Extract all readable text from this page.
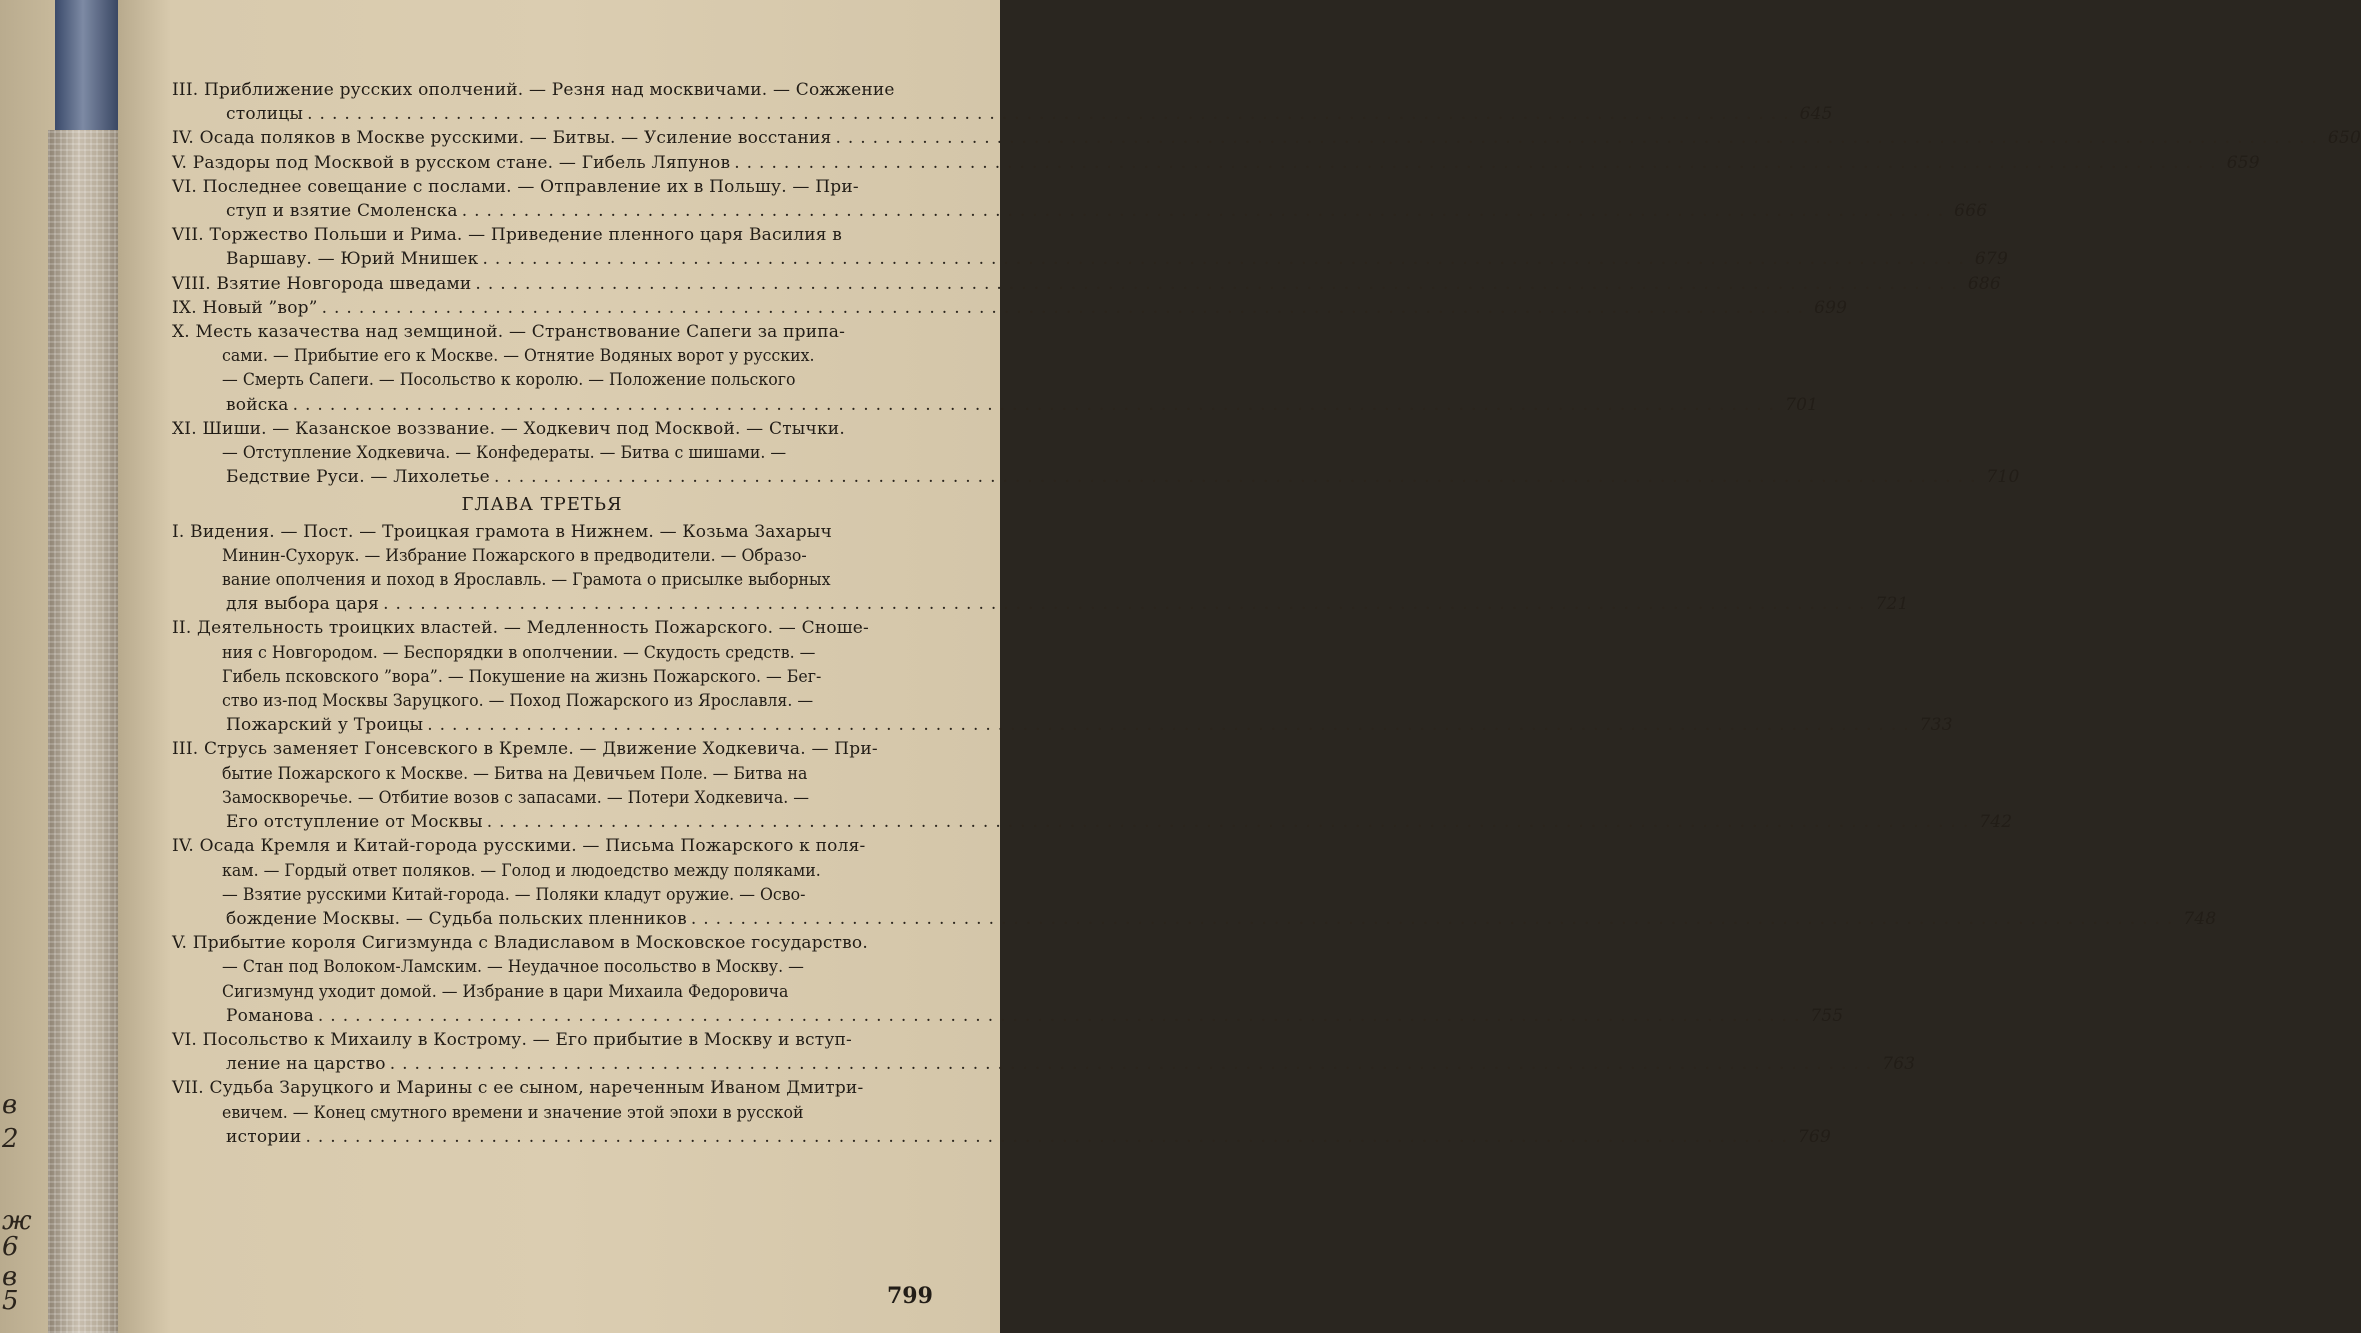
в
2
ж
6
в
5
III. Приближение русских ополчений. — Резня над москвичами. — Сожжение
столицы ........................................................................................................................ 645
IV. Осада поляков в Москве русскими. — Битвы. — Усиление восстания ........................................................................................................................ 650
V. Раздоры под Москвой в русском стане. — Гибель Ляпунов ........................................................................................................................ 659
VI. Последнее совещание с послами. — Отправление их в Польшу. — При-
ступ и взятие Смоленска ........................................................................................................................ 666
VII. Торжество Польши и Рима. — Приведение пленного царя Василия в
Варшаву. — Юрий Мнишек ........................................................................................................................ 679
VIII. Взятие Новгорода шведами ........................................................................................................................ 686
IX. Новый ”вор” ........................................................................................................................ 699
X. Месть казачества над земщиной. — Странствование Сапеги за припа-
сами. — Прибытие его к Москве. — Отнятие Водяных ворот у русских.
— Смерть Сапеги. — Посольство к королю. — Положение польского
войска ........................................................................................................................ 701
XI. Шиши. — Казанское воззвание. — Ходкевич под Москвой. — Стычки.
— Отступление Ходкевича. — Конфедераты. — Битва с шишами. —
Бедствие Руси. — Лихолетье ........................................................................................................................ 710
ГЛАВА ТРЕТЬЯ
I. Видения. — Пост. — Троицкая грамота в Нижнем. — Козьма Захарыч
Минин-Сухорук. — Избрание Пожарского в предводители. — Образо-
вание ополчения и поход в Ярославль. — Грамота о присылке выборных
для выбора царя ........................................................................................................................ 721
II. Деятельность троицких властей. — Медленность Пожарского. — Сноше-
ния с Новгородом. — Беспорядки в ополчении. — Скудость средств. —
Гибель псковского ”вора”. — Покушение на жизнь Пожарского. — Бег-
ство из-под Москвы Заруцкого. — Поход Пожарского из Ярославля. —
Пожарский у Троицы ........................................................................................................................ 733
III. Струсь заменяет Гонсевского в Кремле. — Движение Ходкевича. — При-
бытие Пожарского к Москве. — Битва на Девичьем Поле. — Битва на
Замоскворечье. — Отбитие возов с запасами. — Потери Ходкевича. —
Его отступление от Москвы ........................................................................................................................ 742
IV. Осада Кремля и Китай-города русскими. — Письма Пожарского к поля-
кам. — Гордый ответ поляков. — Голод и людоедство между поляками.
— Взятие русскими Китай-города. — Поляки кладут оружие. — Осво-
бождение Москвы. — Судьба польских пленников ........................................................................................................................ 748
V. Прибытие короля Сигизмунда с Владиславом в Московское государство.
— Стан под Волоком-Ламским. — Неудачное посольство в Москву. —
Сигизмунд уходит домой. — Избрание в цари Михаила Федоровича
Романова ........................................................................................................................ 755
VI. Посольство к Михаилу в Кострому. — Его прибытие в Москву и вступ-
ление на царство ........................................................................................................................ 763
VII. Судьба Заруцкого и Марины с ее сыном, нареченным Иваном Дмитри-
евичем. — Конец смутного времени и значение этой эпохи в русской
истории ........................................................................................................................ 769
799
